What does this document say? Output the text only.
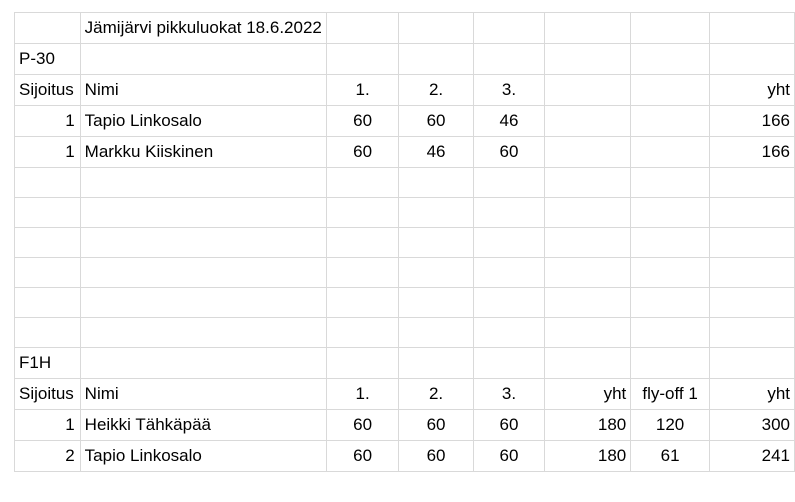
	Jämijärvi pikkuluokat 18.6.2022						
P-30							
Sijoitus	Nimi	1.	2.	3.			yht
1	Tapio Linkosalo	60	60	46			166
1	Markku Kiiskinen	60	46	60			166

F1H							
Sijoitus	Nimi	1.	2.	3.	yht	fly-off 1	yht
1	Heikki Tähkäpää	60	60	60	180	120	300
2	Tapio Linkosalo	60	60	60	180	61	241
